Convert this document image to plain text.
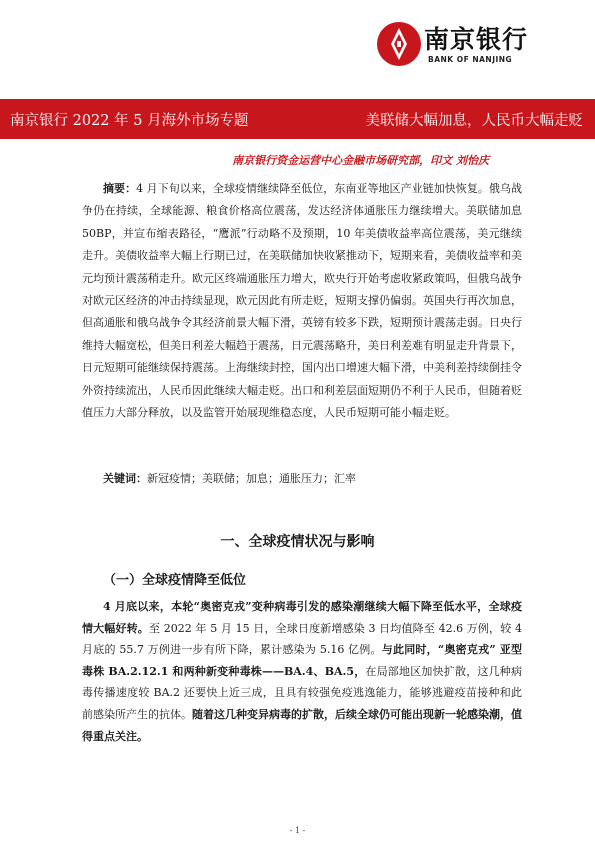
南京银行
BANK OF NANJING
南京银行 2022 年 5 月海外市场专题	美联储大幅加息，人民币大幅走贬
南京银行资金运营中心金融市场研究部，印文 刘怡庆

摘要：4 月下旬以来，全球疫情继续降至低位，东南亚等地区产业链加快恢复。俄乌战争仍在持续，全球能源、粮食价格高位震荡，发达经济体通胀压力继续增大。美联储加息 50BP，并宣布缩表路径，“鹰派”行动略不及预期，10 年美债收益率高位震荡，美元继续走升。美债收益率大幅上行期已过，在美联储加快收紧推动下，短期来看，美债收益率和美元均预计震荡稍走升。欧元区终端通胀压力增大，欧央行开始考虑收紧政策吗，但俄乌战争对欧元区经济的冲击持续显现，欧元因此有所走贬，短期支撑仍偏弱。英国央行再次加息，但高通胀和俄乌战争令其经济前景大幅下滑，英镑有较多下跌，短期预计震荡走弱。日央行维持大幅宽松，但美日利差大幅趋于震荡，日元震荡略升，美日利差难有明显走升背景下，日元短期可能继续保持震荡。上海继续封控，国内出口增速大幅下滑，中美利差持续倒挂令外资持续流出，人民币因此继续大幅走贬。出口和利差层面短期仍不利于人民币，但随着贬值压力大部分释放，以及监管开始展现维稳态度，人民币短期可能小幅走贬。

关键词：新冠疫情；美联储；加息；通胀压力；汇率
一、全球疫情状况与影响
（一）全球疫情降至低位

4 月底以来，本轮“奥密克戎”变种病毒引发的感染潮继续大幅下降至低水平，全球疫情大幅好转。至 2022 年 5 月 15 日，全球日度新增感染 3 日均值降至 42.6 万例，较 4 月底的 55.7 万例进一步有所下降，累计感染为 5.16 亿例。与此同时，“奥密克戎” 亚型毒株 BA.2.12.1 和两种新变种毒株——BA.4、BA.5，在局部地区加快扩散，这几种病毒传播速度较 BA.2 还要快上近三成，且具有较强免疫逃逸能力，能够逃避疫苗接种和此前感染所产生的抗体。随着这几种变异病毒的扩散，后续全球仍可能出现新一轮感染潮，值得重点关注。

- 1 -
